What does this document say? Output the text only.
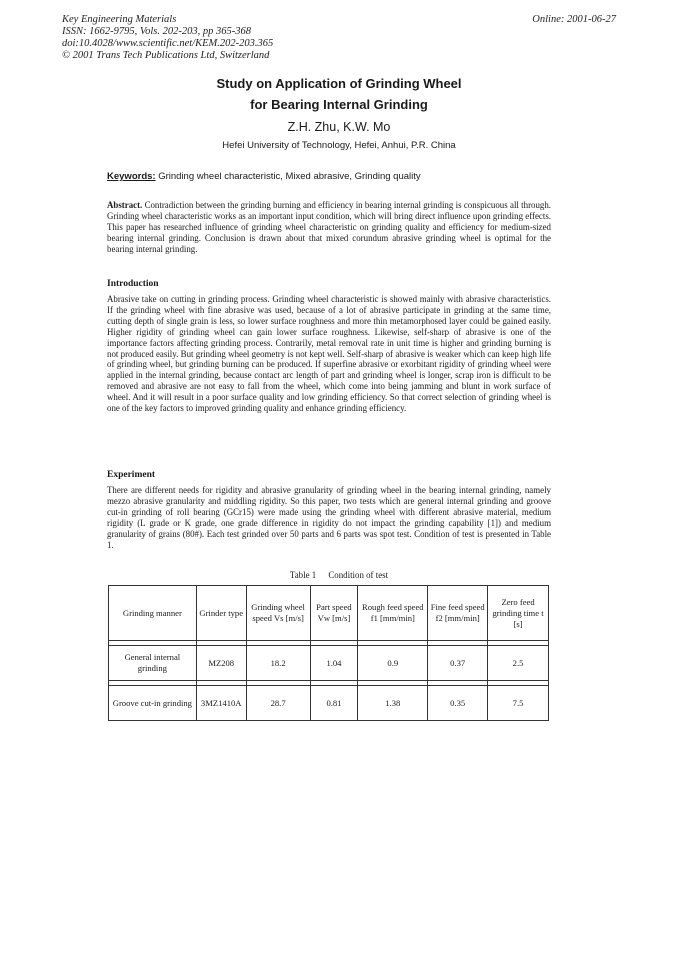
Key Engineering Materials
ISSN: 1662-9795, Vols. 202-203, pp 365-368
doi:10.4028/www.scientific.net/KEM.202-203.365
© 2001 Trans Tech Publications Ltd, Switzerland
Online: 2001-06-27
Study on Application of Grinding Wheel
for Bearing Internal Grinding
Z.H. Zhu, K.W. Mo
Hefei University of Technology, Hefei, Anhui, P.R. China
Keywords: Grinding wheel characteristic, Mixed abrasive, Grinding quality
Abstract. Contradiction between the grinding burning and efficiency in bearing internal grinding is conspicuous all through. Grinding wheel characteristic works as an important input condition, which will bring direct influence upon grinding effects. This paper has researched influence of grinding wheel characteristic on grinding quality and efficiency for medium-sized bearing internal grinding. Conclusion is drawn about that mixed corundum abrasive grinding wheel is optimal for the bearing internal grinding.
Introduction
Abrasive take on cutting in grinding process. Grinding wheel characteristic is showed mainly with abrasive characteristics. If the grinding wheel with fine abrasive was used, because of a lot of abrasive participate in grinding at the same time, cutting depth of single grain is less, so lower surface roughness and more thin metamorphosed layer could be gained easily. Higher rigidity of grinding wheel can gain lower surface roughness. Likewise, self-sharp of abrasive is one of the importance factors affecting grinding process. Contrarily, metal removal rate in unit time is higher and grinding burning is not produced easily. But grinding wheel geometry is not kept well. Self-sharp of abrasive is weaker which can keep high life of grinding wheel, but grinding burning can be produced. If superfine abrasive or exorbitant rigidity of grinding wheel were applied in the internal grinding, because contact arc length of part and grinding wheel is longer, scrap iron is difficult to be removed and abrasive are not easy to fall from the wheel, which come into being jamming and blunt in work surface of wheel. And it will result in a poor surface quality and low grinding efficiency. So that correct selection of grinding wheel is one of the key factors to improved grinding quality and enhance grinding efficiency.
Experiment
There are different needs for rigidity and abrasive granularity of grinding wheel in the bearing internal grinding, namely mezzo abrasive granularity and middling rigidity. So this paper, two tests which are general internal grinding and groove cut-in grinding of roll bearing (GCr15) were made using the grinding wheel with different abrasive material, medium rigidity (L grade or K grade, one grade difference in rigidity do not impact the grinding capability [1]) and medium granularity of grains (80#). Each test grinded over 50 parts and 6 parts was spot test. Condition of test is presented in Table 1.
Table 1 Condition of test
Grinding manner	Grinder type	Grinding wheel speed Vs [m/s]	Part speed Vw [m/s]	Rough feed speed f1 [mm/min]	Fine feed speed f2 [mm/min]	Zero feed grinding time t [s]

General internal grinding	MZ208	18.2	1.04	0.9	0.37	2.5

Groove cut-in grinding	3MZ1410A	28.7	0.81	1.38	0.35	7.5
